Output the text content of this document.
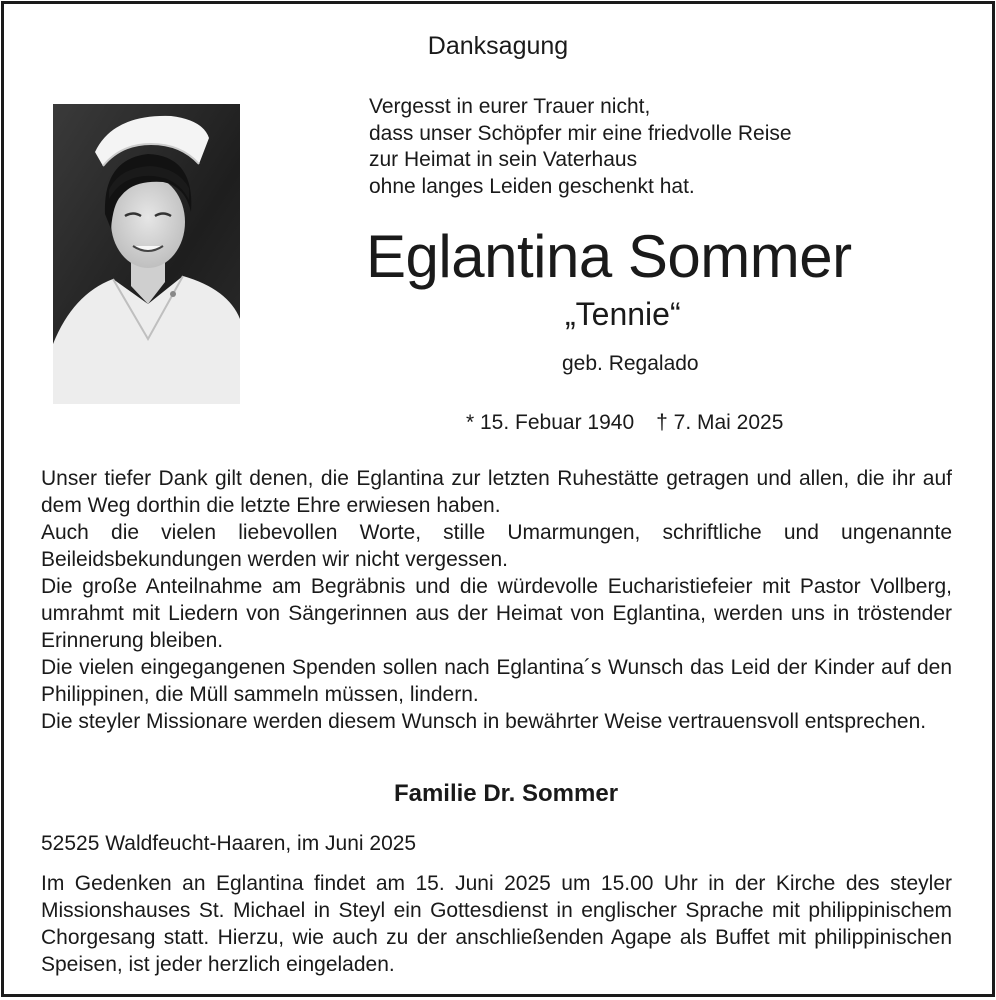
Danksagung
Vergesst in eurer Trauer nicht,
dass unser Schöpfer mir eine friedvolle Reise
zur Heimat in sein Vaterhaus
ohne langes Leiden geschenkt hat.
Eglantina Sommer
„Tennie“
geb. Regalado
* 15. Febuar 1940 † 7. Mai 2025

Unser tiefer Dank gilt denen, die Eglantina zur letzten Ruhestätte getragen und allen, die ihr auf dem Weg dorthin die letzte Ehre erwiesen haben.

Auch die vielen liebevollen Worte, stille Umarmungen, schriftliche und ungenannte Beileidsbekundungen werden wir nicht vergessen.

Die große Anteilnahme am Begräbnis und die würdevolle Eucharistiefeier mit Pastor Vollberg, umrahmt mit Liedern von Sängerinnen aus der Heimat von Eglantina, werden uns in tröstender Erinnerung bleiben.

Die vielen eingegangenen Spenden sollen nach Eglantina´s Wunsch das Leid der Kinder auf den Philippinen, die Müll sammeln müssen, lindern.

Die steyler Missionare werden diesem Wunsch in bewährter Weise vertrauensvoll entsprechen.

Familie Dr. Sommer
52525 Waldfeucht-Haaren, im Juni 2025
Im Gedenken an Eglantina findet am 15. Juni 2025 um 15.00 Uhr in der Kirche des steyler Missionshauses St. Michael in Steyl ein Gottesdienst in englischer Sprache mit philippinischem Chorgesang statt. Hierzu, wie auch zu der anschließenden Agape als Buffet mit philippinischen Speisen, ist jeder herzlich eingeladen.
